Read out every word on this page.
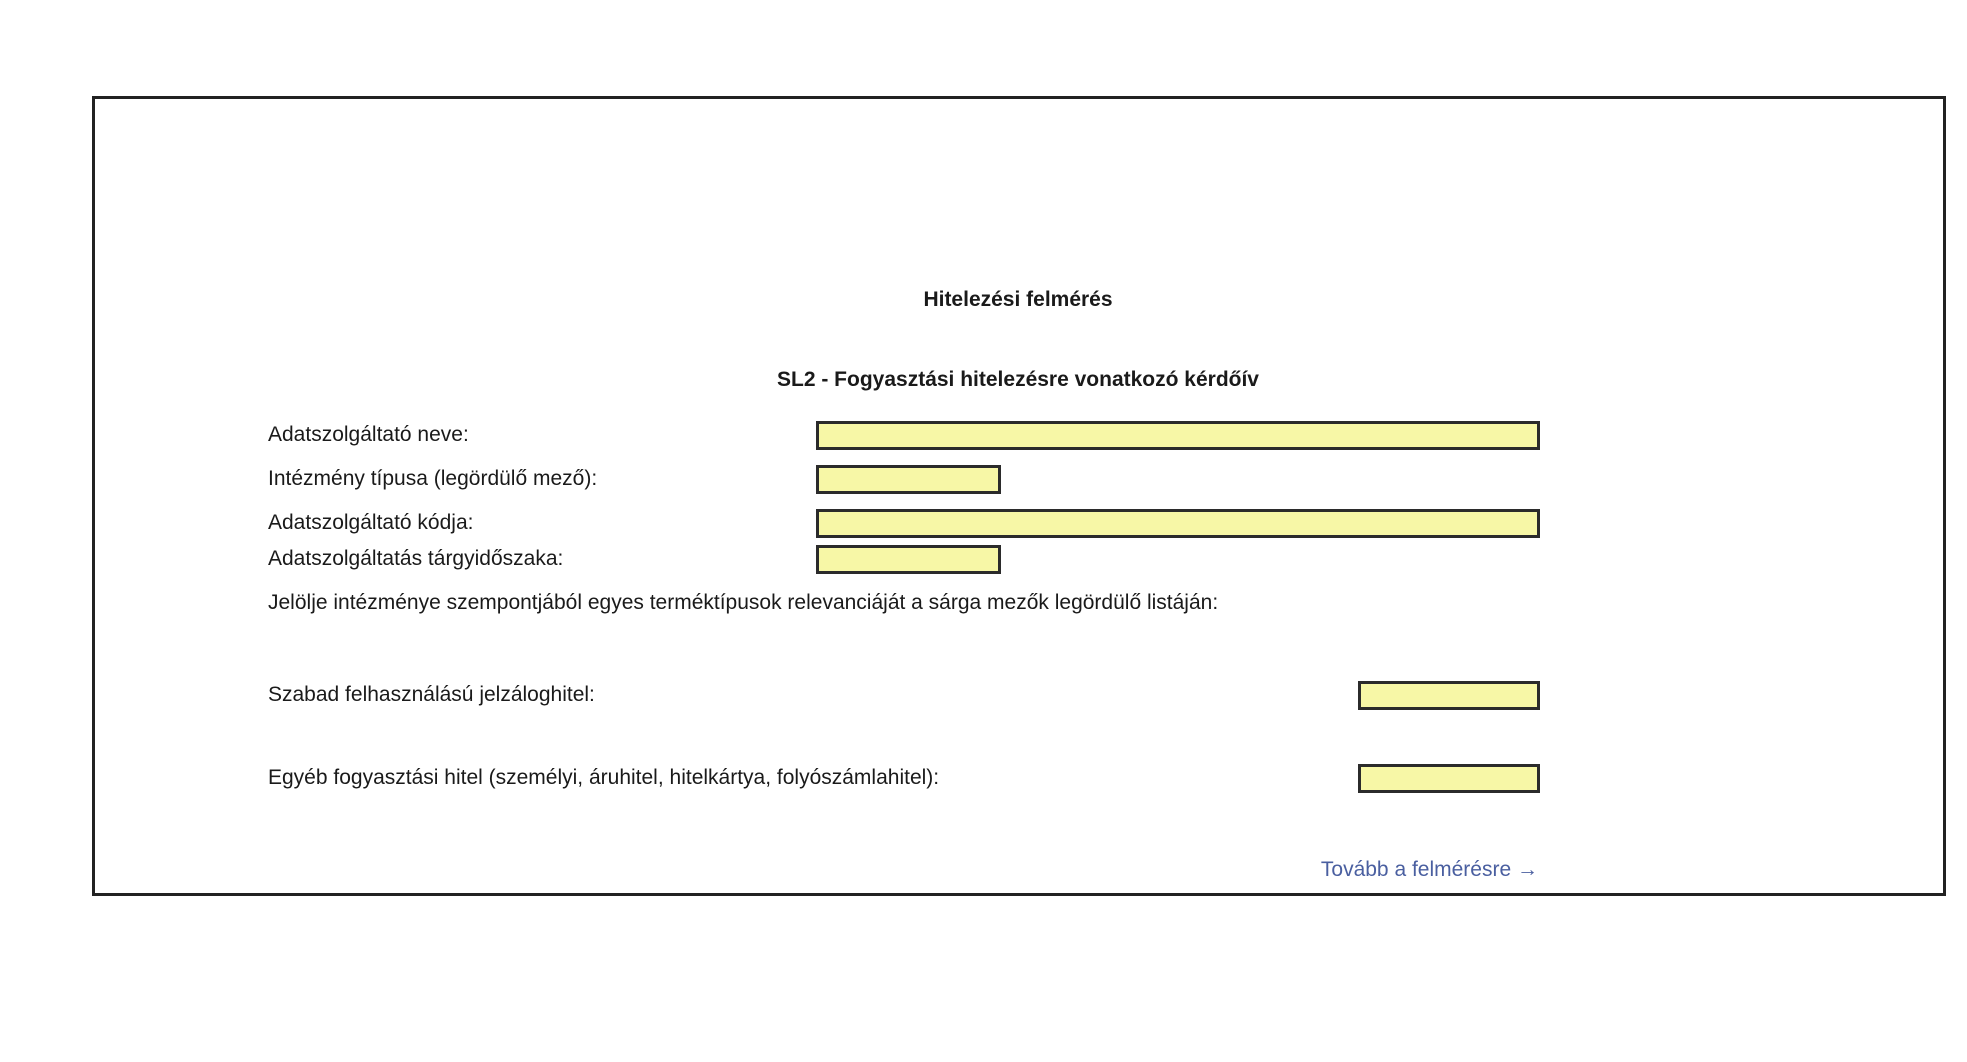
Hitelezési felmérés
SL2 - Fogyasztási hitelezésre vonatkozó kérdőív
Adatszolgáltató neve:
Intézmény típusa (legördülő mező):
Adatszolgáltató kódja:
Adatszolgáltatás tárgyidőszaka:
Jelölje intézménye szempontjából egyes terméktípusok relevanciáját a sárga mezők legördülő listáján:
Szabad felhasználású jelzáloghitel:
Egyéb fogyasztási hitel (személyi, áruhitel, hitelkártya, folyószámlahitel):
Tovább a felmérésre →
